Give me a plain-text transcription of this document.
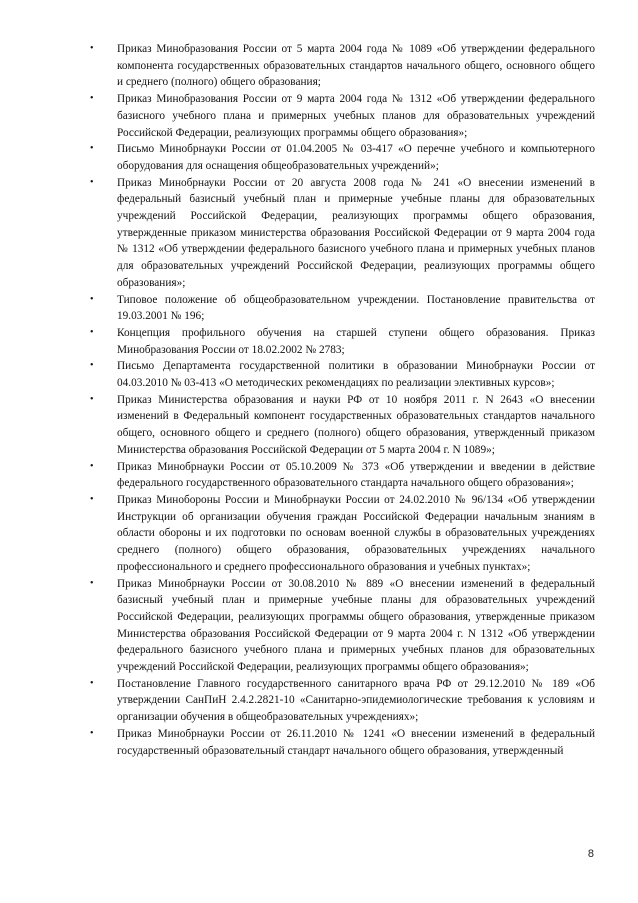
• Приказ Минобразования России от 5 марта 2004 года № 1089 «Об утверждении федерального компонента государственных образовательных стандартов начального общего, основного общего и среднего (полного) общего образования;
• Приказ Минобразования России от 9 марта 2004 года № 1312 «Об утверждении федерального базисного учебного плана и примерных учебных планов для образовательных учреждений Российской Федерации, реализующих программы общего образования»;
• Письмо Минобрнауки России от 01.04.2005 № 03-417 «О перечне учебного и компьютерного оборудования для оснащения общеобразовательных учреждений»;
• Приказ Минобрнауки России от 20 августа 2008 года № 241 «О внесении изменений в федеральный базисный учебный план и примерные учебные планы для образовательных учреждений Российской Федерации, реализующих программы общего образования, утвержденные приказом министерства образования Российской Федерации от 9 марта 2004 года № 1312 «Об утверждении федерального базисного учебного плана и примерных учебных планов для образовательных учреждений Российской Федерации, реализующих программы общего образования»;
• Типовое положение об общеобразовательном учреждении. Постановление правительства от 19.03.2001 № 196;
• Концепция профильного обучения на старшей ступени общего образования. Приказ Минобразования России от 18.02.2002 № 2783;
• Письмо Департамента государственной политики в образовании Минобрнауки России от 04.03.2010 № 03-413 «О методических рекомендациях по реализации элективных курсов»;
• Приказ Министерства образования и науки РФ от 10 ноября 2011 г. N 2643 «О внесении изменений в Федеральный компонент государственных образовательных стандартов начального общего, основного общего и среднего (полного) общего образования, утвержденный приказом Министерства образования Российской Федерации от 5 марта 2004 г. N 1089»;
• Приказ Минобрнауки России от 05.10.2009 № 373 «Об утверждении и введении в действие федерального государственного образовательного стандарта начального общего образования»;
• Приказ Минобороны России и Минобрнауки России от 24.02.2010 № 96/134 «Об утверждении Инструкции об организации обучения граждан Российской Федерации начальным знаниям в области обороны и их подготовки по основам военной службы в образовательных учреждениях среднего (полного) общего образования, образовательных учреждениях начального профессионального и среднего профессионального образования и учебных пунктах»;
• Приказ Минобрнауки России от 30.08.2010 № 889 «О внесении изменений в федеральный базисный учебный план и примерные учебные планы для образовательных учреждений Российской Федерации, реализующих программы общего образования, утвержденные приказом Министерства образования Российской Федерации от 9 марта 2004 г. N 1312 «Об утверждении федерального базисного учебного плана и примерных учебных планов для образовательных учреждений Российской Федерации, реализующих программы общего образования»;
• Постановление Главного государственного санитарного врача РФ от 29.12.2010 № 189 «Об утверждении СанПиН 2.4.2.2821-10 «Санитарно-эпидемиологические требования к условиям и организации обучения в общеобразовательных учреждениях»;
• Приказ Минобрнауки России от 26.11.2010 № 1241 «О внесении изменений в федеральный государственный образовательный стандарт начального общего образования, утвержденный
8
